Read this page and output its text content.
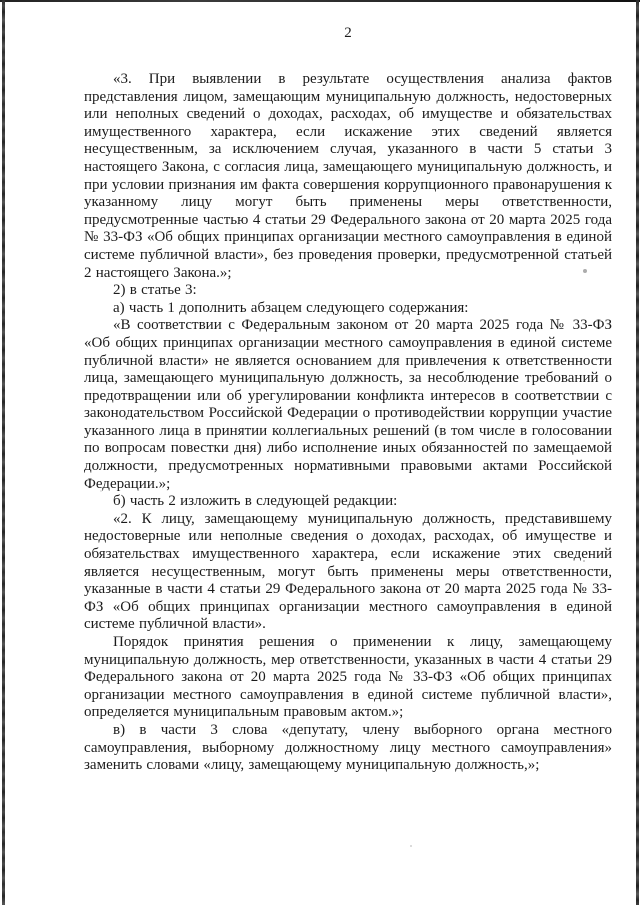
2

«3. При выявлении в результате осуществления анализа фактов представления лицом, замещающим муниципальную должность, недостоверных или неполных сведений о доходах, расходах, об имуществе и обязательствах имущественного характера, если искажение этих сведений является несущественным, за исключением случая, указанного в части 5 статьи 3 настоящего Закона, с согласия лица, замещающего муниципальную должность, и при условии признания им факта совершения коррупционного правонарушения к указанному лицу могут быть применены меры ответственности, предусмотренные частью 4 статьи 29 Федерального закона от 20 марта 2025 года № 33-ФЗ «Об общих принципах организации местного самоуправления в единой системе публичной власти», без проведения проверки, предусмотренной статьей 2 настоящего Закона.»;

2) в статье 3:

а) часть 1 дополнить абзацем следующего содержания:

«В соответствии с Федеральным законом от 20 марта 2025 года № 33-ФЗ «Об общих принципах организации местного самоуправления в единой системе публичной власти» не является основанием для привлечения к ответственности лица, замещающего муниципальную должность, за несоблюдение требований о предотвращении или об урегулировании конфликта интересов в соответствии с законодательством Российской Федерации о противодействии коррупции участие указанного лица в принятии коллегиальных решений (в том числе в голосовании по вопросам повестки дня) либо исполнение иных обязанностей по замещаемой должности, предусмотренных нормативными правовыми актами Российской Федерации.»;

б) часть 2 изложить в следующей редакции:

«2. К лицу, замещающему муниципальную должность, представившему недостоверные или неполные сведения о доходах, расходах, об имуществе и обязательствах имущественного характера, если искажение этих сведений является несущественным, могут быть применены меры ответственности, указанные в части 4 статьи 29 Федерального закона от 20 марта 2025 года № 33-ФЗ «Об общих принципах организации местного самоуправления в единой системе публичной власти».

Порядок принятия решения о применении к лицу, замещающему муниципальную должность, мер ответственности, указанных в части 4 статьи 29 Федерального закона от 20 марта 2025 года № 33-ФЗ «Об общих принципах организации местного самоуправления в единой системе публичной власти», определяется муниципальным правовым актом.»;

в) в части 3 слова «депутату, члену выборного органа местного самоуправления, выборному должностному лицу местного самоуправления» заменить словами «лицу, замещающему муниципальную должность,»;
